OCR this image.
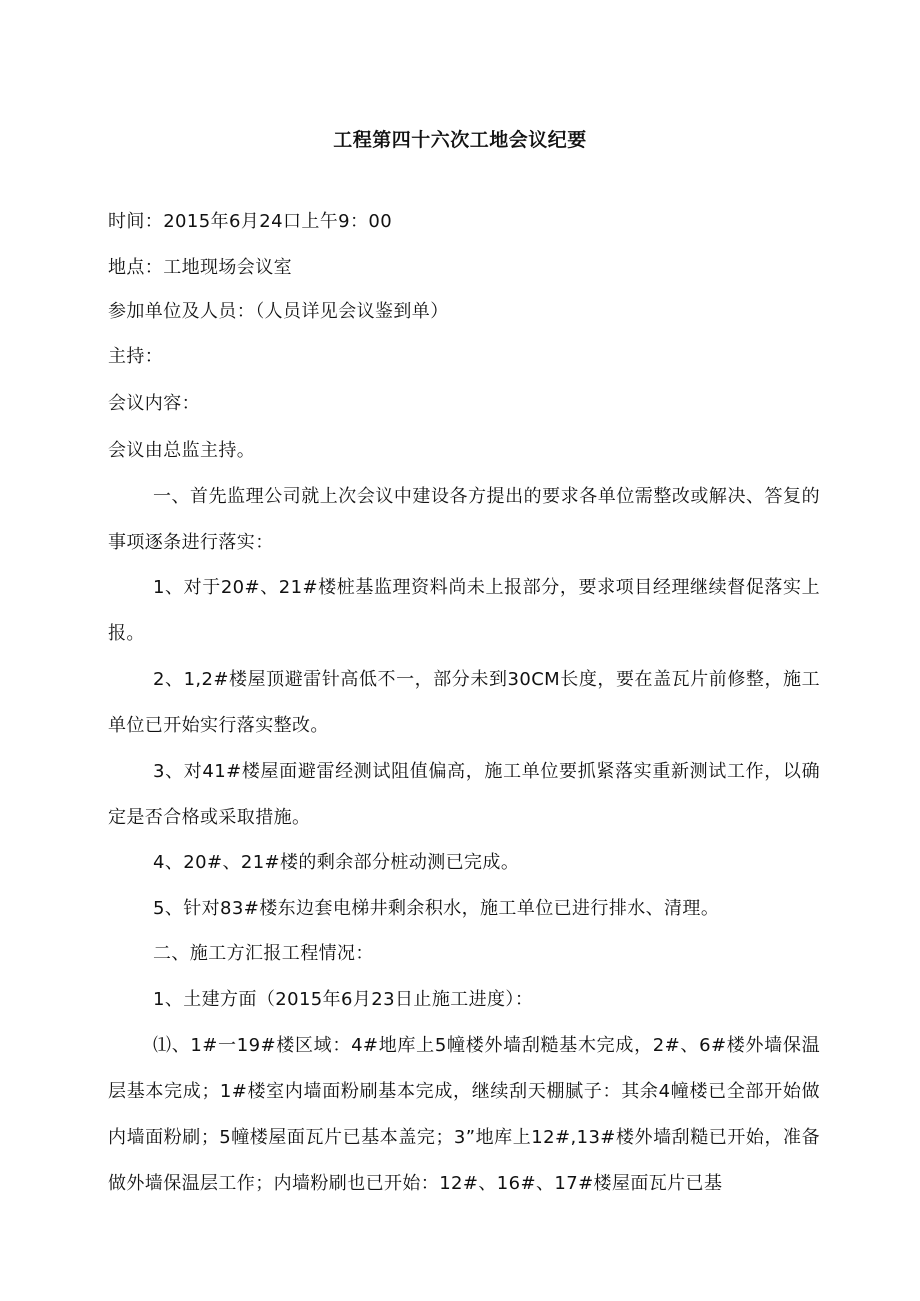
工程第四十六次工地会议纪要
时间：2015年6月24口上午9：00
地点：工地现场会议室
参加单位及人员：（人员详见会议鉴到单）
主持：
会议内容：
会议由总监主持。
一、首先监理公司就上次会议中建设各方提出的要求各单位需整改或解决、答复的事项逐条进行落实：
1、对于20#、21#楼桩基监理资料尚未上报部分，要求项目经理继续督促落实上报。
2、1,2#楼屋顶避雷针高低不一，部分未到30CM长度，要在盖瓦片前修整，施工单位已开始实行落实整改。
3、对41#楼屋面避雷经测试阻值偏高，施工单位要抓紧落实重新测试工作，以确定是否合格或采取措施。
4、20#、21#楼的剩余部分桩动测已完成。
5、针对83#楼东边套电梯井剩余积水，施工单位已进行排水、清理。
二、施工方汇报工程情况：
1、土建方面（2015年6月23日止施工进度）：
⑴、1#一19#楼区域：4#地库上5幢楼外墙刮糙基木完成，2#、6#楼外墙保温层基本完成；1#楼室内墙面粉刷基本完成，继续刮天棚腻子：其余4幢楼已全部开始做内墙面粉刷；5幢楼屋面瓦片已基本盖完；3”地库上12#,13#楼外墙刮糙已开始，准备做外墙保温层工作；内墙粉刷也已开始：12#、16#、17#楼屋面瓦片已基
